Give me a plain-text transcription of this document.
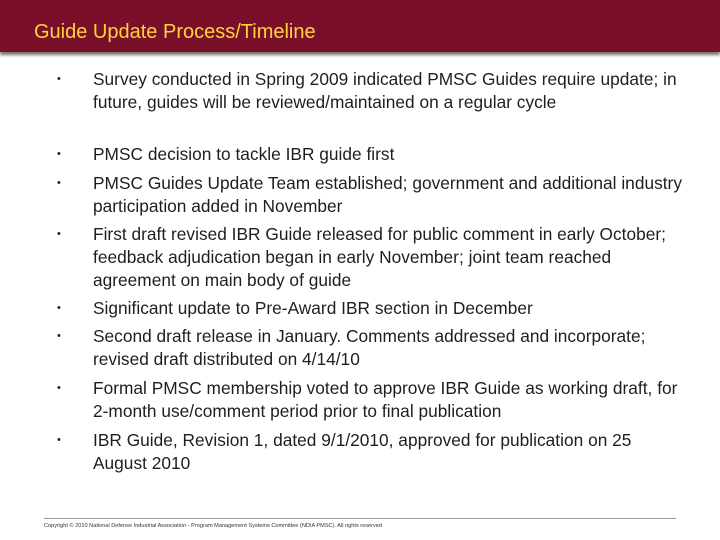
Guide Update Process/Timeline
• Survey conducted in Spring 2009 indicated PMSC Guides require update; in future, guides will be reviewed/maintained on a regular cycle
• PMSC decision to tackle IBR guide first
• PMSC Guides Update Team established; government and additional industry participation added in November
• First draft revised IBR Guide released for public comment in early October; feedback adjudication began in early November; joint team reached agreement on main body of guide
• Significant update to Pre-Award IBR section in December
• Second draft release in January. Comments addressed and incorporate; revised draft distributed on 4/14/10
• Formal PMSC membership voted to approve IBR Guide as working draft, for 2-month use/comment period prior to final publication
• IBR Guide, Revision 1, dated 9/1/2010, approved for publication on 25 August 2010
Copyright © 2010 National Defense Industrial Association - Program Management Systems Committee (NDIA PMSC). All rights reserved
